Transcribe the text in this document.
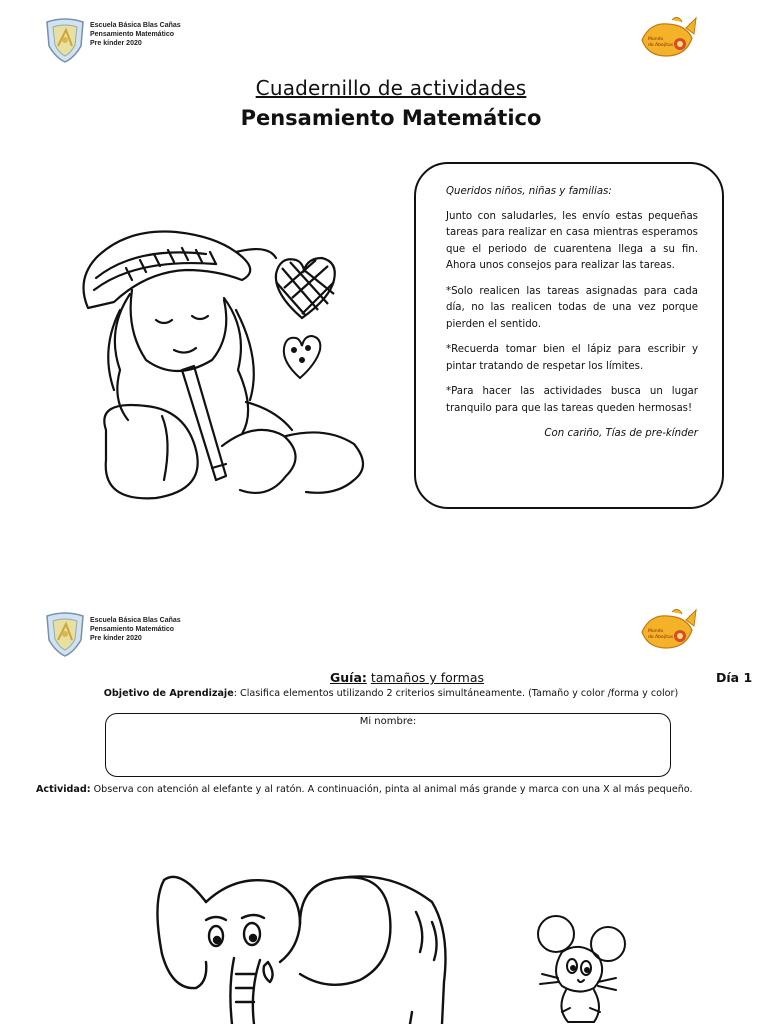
Escuela Básica Blas Cañas
Pensamiento Matemático
Pre kínder 2020
Mundo
de Abejitas
Cuadernillo de actividades
Pensamiento Matemático

Queridos niños, niñas y familias:

Junto con saludarles, les envío estas pequeñas tareas para realizar en casa mientras esperamos que el periodo de cuarentena llega a su fin. Ahora unos consejos para realizar las tareas.

*Solo realicen las tareas asignadas para cada día, no las realicen todas de una vez porque pierden el sentido.

*Recuerda tomar bien el lápiz para escribir y pintar tratando de respetar los límites.

*Para hacer las actividades busca un lugar tranquilo para que las tareas queden hermosas!

Con cariño, Tías de pre-kínder

Escuela Básica Blas Cañas
Pensamiento Matemático
Pre kínder 2020
Mundo
de Abejitas
Guía: tamaños y formas	Día 1
Objetivo de Aprendizaje: Clasifica elementos utilizando 2 criterios simultáneamente. (Tamaño y color /forma y color)
Mi nombre:
Actividad: Observa con atención al elefante y al ratón. A continuación, pinta al animal más grande y marca con una X al más pequeño.
